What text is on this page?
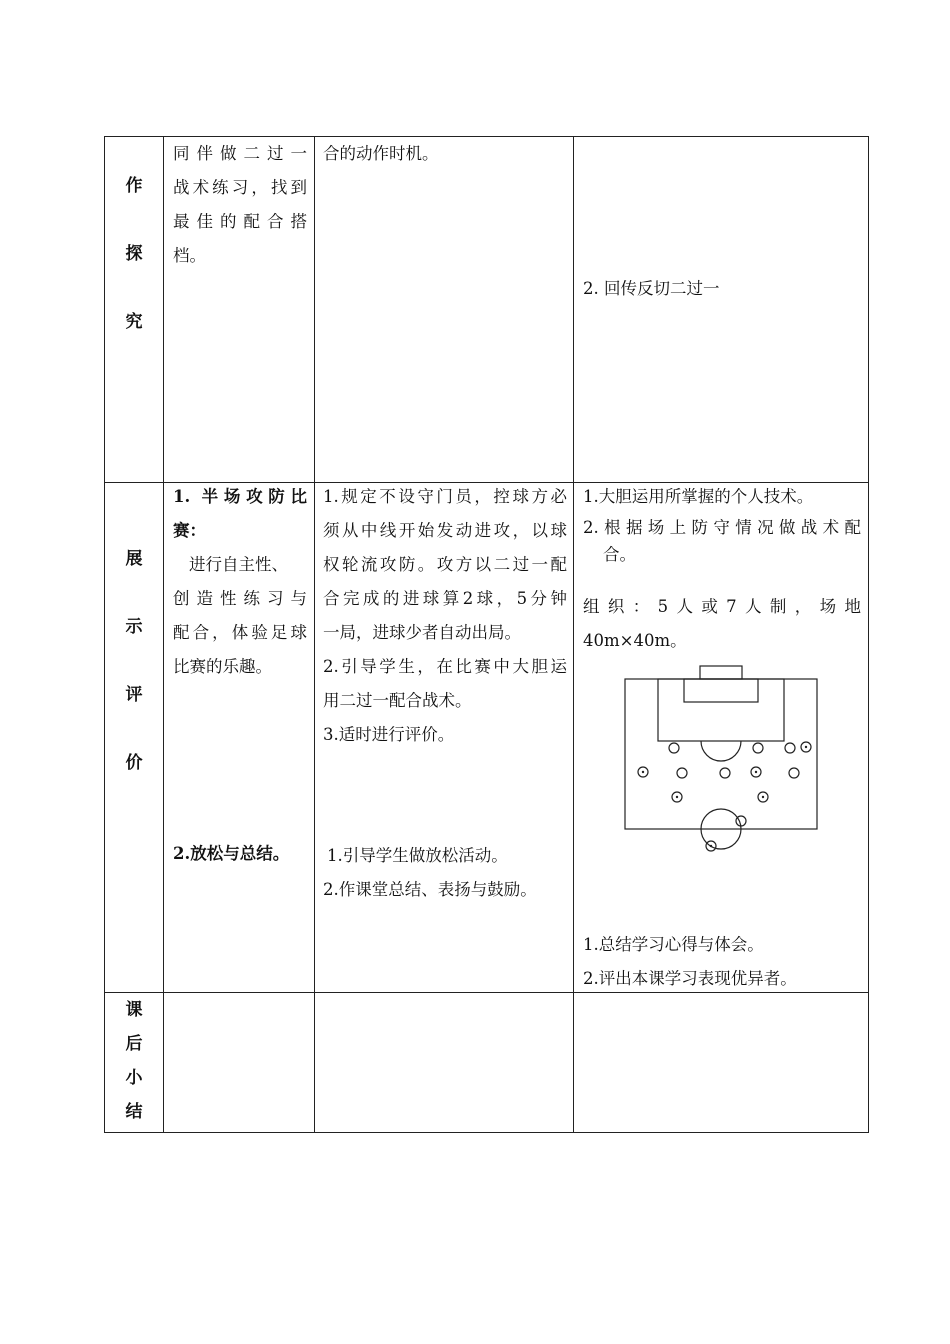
作
探
究
同伴做二过一
战术练习，找到
最佳的配合搭
档。
合的动作时机。
2. 回传反切二过一
展
示
评
价
1. 半场攻防比
赛：
进行自主性、
创造性练习与
配合，体验足球
比赛的乐趣。
2.放松与总结。
1.规定不设守门员，控球方必
须从中线开始发动进攻，以球
权轮流攻防。攻方以二过一配
合完成的进球算2球，5分钟
一局，进球少者自动出局。
2.引导学生，在比赛中大胆运
用二过一配合战术。
3.适时进行评价。
1.引导学生做放松活动。
2.作课堂总结、表扬与鼓励。
1.大胆运用所掌握的个人技术。
2.根据场上防守情况做战术配
合。
组织：5人或7人制，场地
40m×40m。
1.总结学习心得与体会。
2.评出本课学习表现优异者。
课
后
小
结
